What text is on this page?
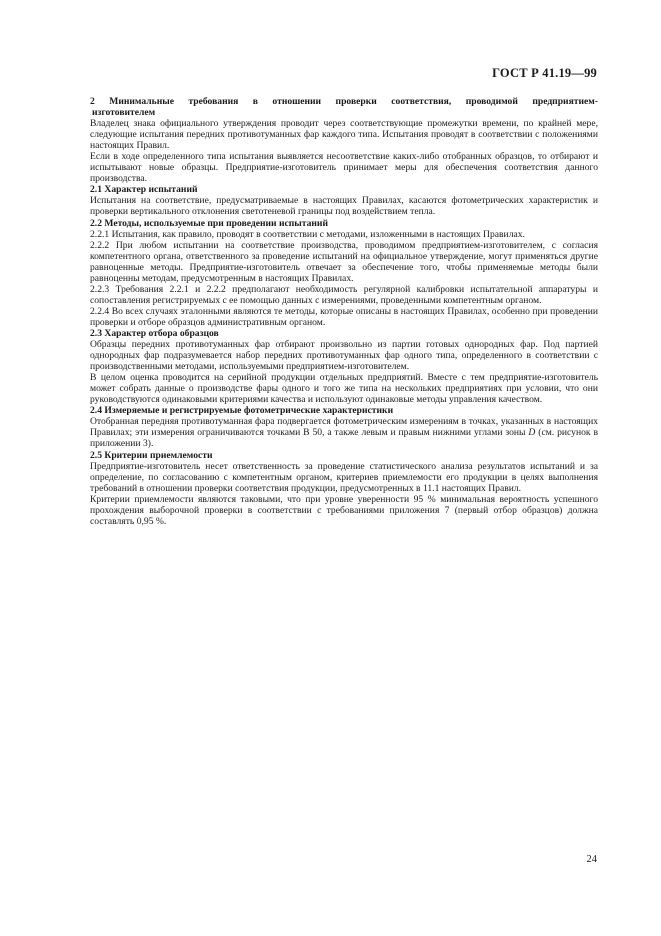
ГОСТ Р 41.19—99

2 Минимальные требования в отношении проверки соответствия, проводимой предприятием-

изготовителем

Владелец знака официального утверждения проводит через соответствующие промежутки времени, по крайней мере, следующие испытания передних противотуманных фар каждого типа. Испытания проводят в соответствии с положениями настоящих Правил.

Если в ходе определенного типа испытания выявляется несоответствие каких-либо отобранных образцов, то отбирают и испытывают новые образцы. Предприятие-изготовитель принимает меры для обеспечения соответствия данного производства.

2.1 Характер испытаний

Испытания на соответствие, предусматриваемые в настоящих Правилах, касаются фотометрических характеристик и проверки вертикального отклонения светотеневой границы под воздействием тепла.

2.2 Методы, используемые при проведении испытаний

2.2.1 Испытания, как правило, проводят в соответствии с методами, изложенными в настоящих Правилах.

2.2.2 При любом испытании на соответствие производства, проводимом предприятием-изготовителем, с согласия компетентного органа, ответственного за проведение испытаний на официальное утверждение, могут применяться другие равноценные методы. Предприятие-изготовитель отвечает за обеспечение того, чтобы применяемые методы были равноценны методам, предусмотренным в настоящих Правилах.

2.2.3 Требования 2.2.1 и 2.2.2 предполагают необходимость регулярной калибровки испытательной аппаратуры и сопоставления регистрируемых с ее помощью данных с измерениями, проведенными компетентным органом.

2.2.4 Во всех случаях эталонными являются те методы, которые описаны в настоящих Правилах, особенно при проведении проверки и отборе образцов административным органом.

2.3 Характер отбора образцов

Образцы передних противотуманных фар отбирают произвольно из партии готовых однородных фар. Под партией однородных фар подразумевается набор передних противотуманных фар одного типа, определенного в соответствии с производственными методами, используемыми предприятием-изготовителем.

В целом оценка проводится на серийной продукции отдельных предприятий. Вместе с тем предприятие-изготовитель может собрать данные о производстве фары одного и того же типа на нескольких предприятиях при условии, что они руководствуются одинаковыми критериями качества и используют одинаковые методы управления качеством.

2.4 Измеряемые и регистрируемые фотометрические характеристики

Отобранная передняя противотуманная фара подвергается фотометрическим измерениям в точках, указанных в настоящих Правилах; эти измерения ограничиваются точками B 50, а также левым и правым нижними углами зоны D (см. рисунок в приложении 3).

2.5 Критерии приемлемости

Предприятие-изготовитель несет ответственность за проведение статистического анализа результатов испытаний и за определение, по согласованию с компетентным органом, критериев приемлемости его продукции в целях выполнения требований в отношении проверки соответствия продукции, предусмотренных в 11.1 настоящих Правил.

Критерии приемлемости являются таковыми, что при уровне уверенности 95 % минимальная вероятность успешного прохождения выборочной проверки в соответствии с требованиями приложения 7 (первый отбор образцов) должна составлять 0,95 %.

24
